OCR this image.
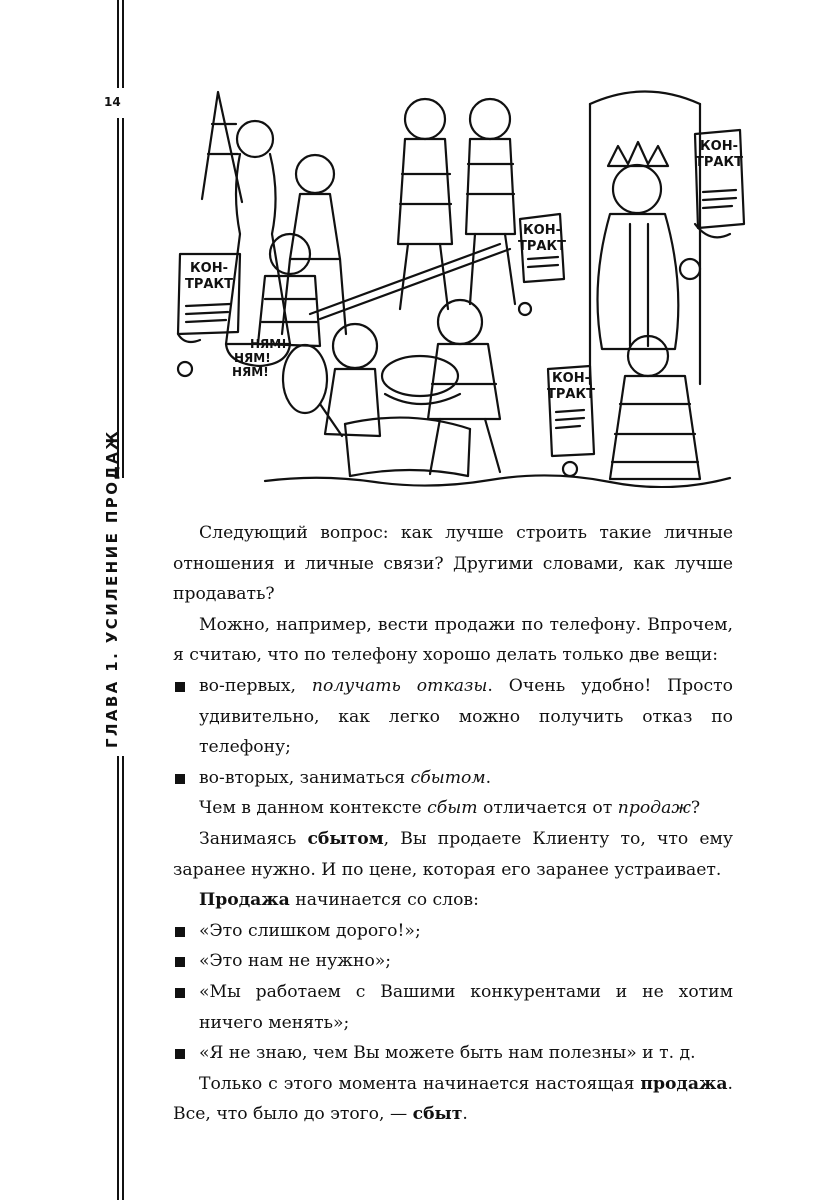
14
ГЛАВА 1. УСИЛЕНИЕ ПРОДАЖ
КОН-
ТРАКТ
КОН-
ТРАКТ
КОН-
ТРАКТ
КОН-
ТРАКТ
НЯМ!
НЯМ!
НЯМ!

Следующий вопрос: как лучше строить такие личные отношения и личные связи? Другими словами, как лучше продавать?

Можно, например, вести продажи по телефону. Впрочем, я считаю, что по телефону хорошо делать только две вещи:

во-первых, получать отказы. Очень удобно! Просто удивительно, как легко можно получить отказ по телефону;
во-вторых, заниматься сбытом.

Чем в данном контексте сбыт отличается от продаж?

Занимаясь сбытом, Вы продаете Клиенту то, что ему заранее нужно. И по цене, которая его заранее устраивает.

Продажа начинается со слов:

«Это слишком дорого!»;
«Это нам не нужно»;
«Мы работаем с Вашими конкурентами и не хотим ничего менять»;
«Я не знаю, чем Вы можете быть нам полезны» и т. д.

Только с этого момента начинается настоящая продажа. Все, что было до этого, — сбыт.
